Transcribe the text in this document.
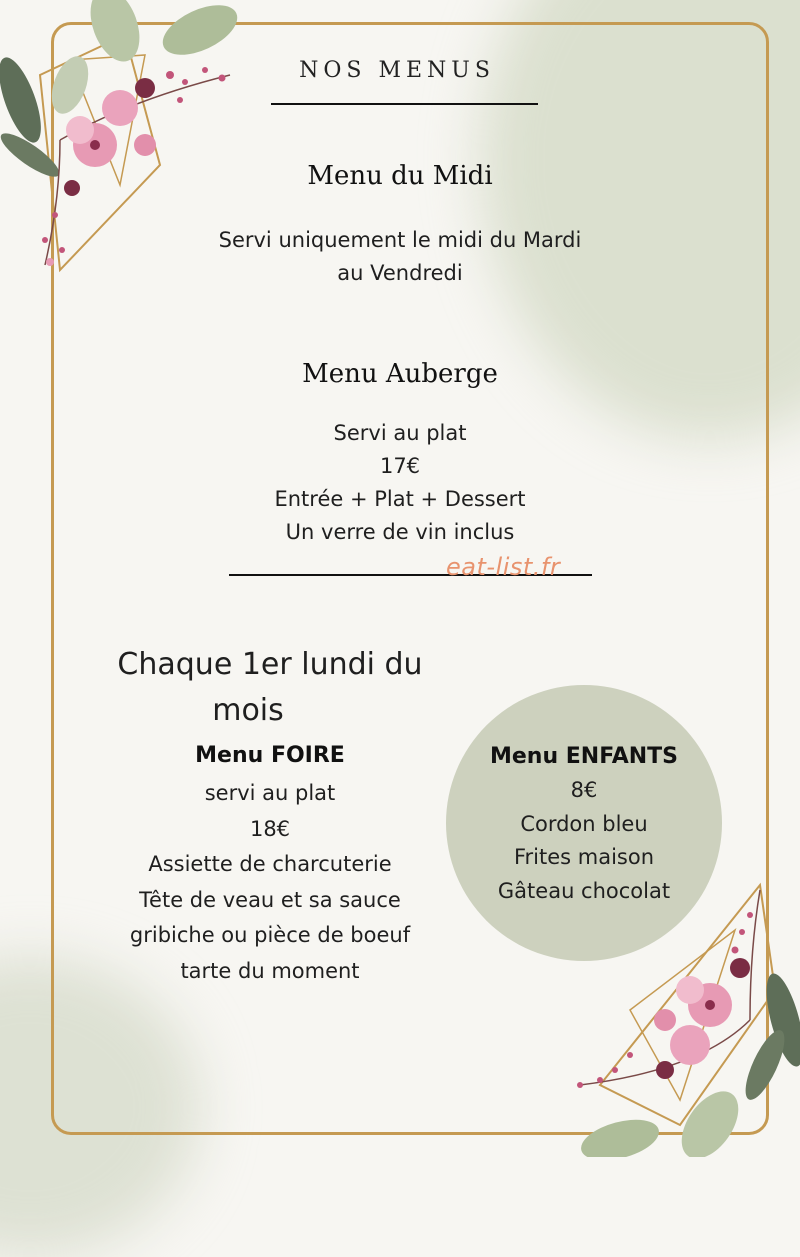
NOS MENUS
Menu du Midi
Servi uniquement le midi du Mardi
au Vendredi
Menu Auberge
Servi au plat
17€
Entrée + Plat + Dessert
Un verre de vin inclus
eat-list.fr
Chaque 1er lundi du
mois
Menu FOIRE
servi au plat
18€
Assiette de charcuterie
Tête de veau et sa sauce
gribiche ou pièce de boeuf
tarte du moment
Menu ENFANTS
8€
Cordon bleu
Frites maison
Gâteau chocolat
